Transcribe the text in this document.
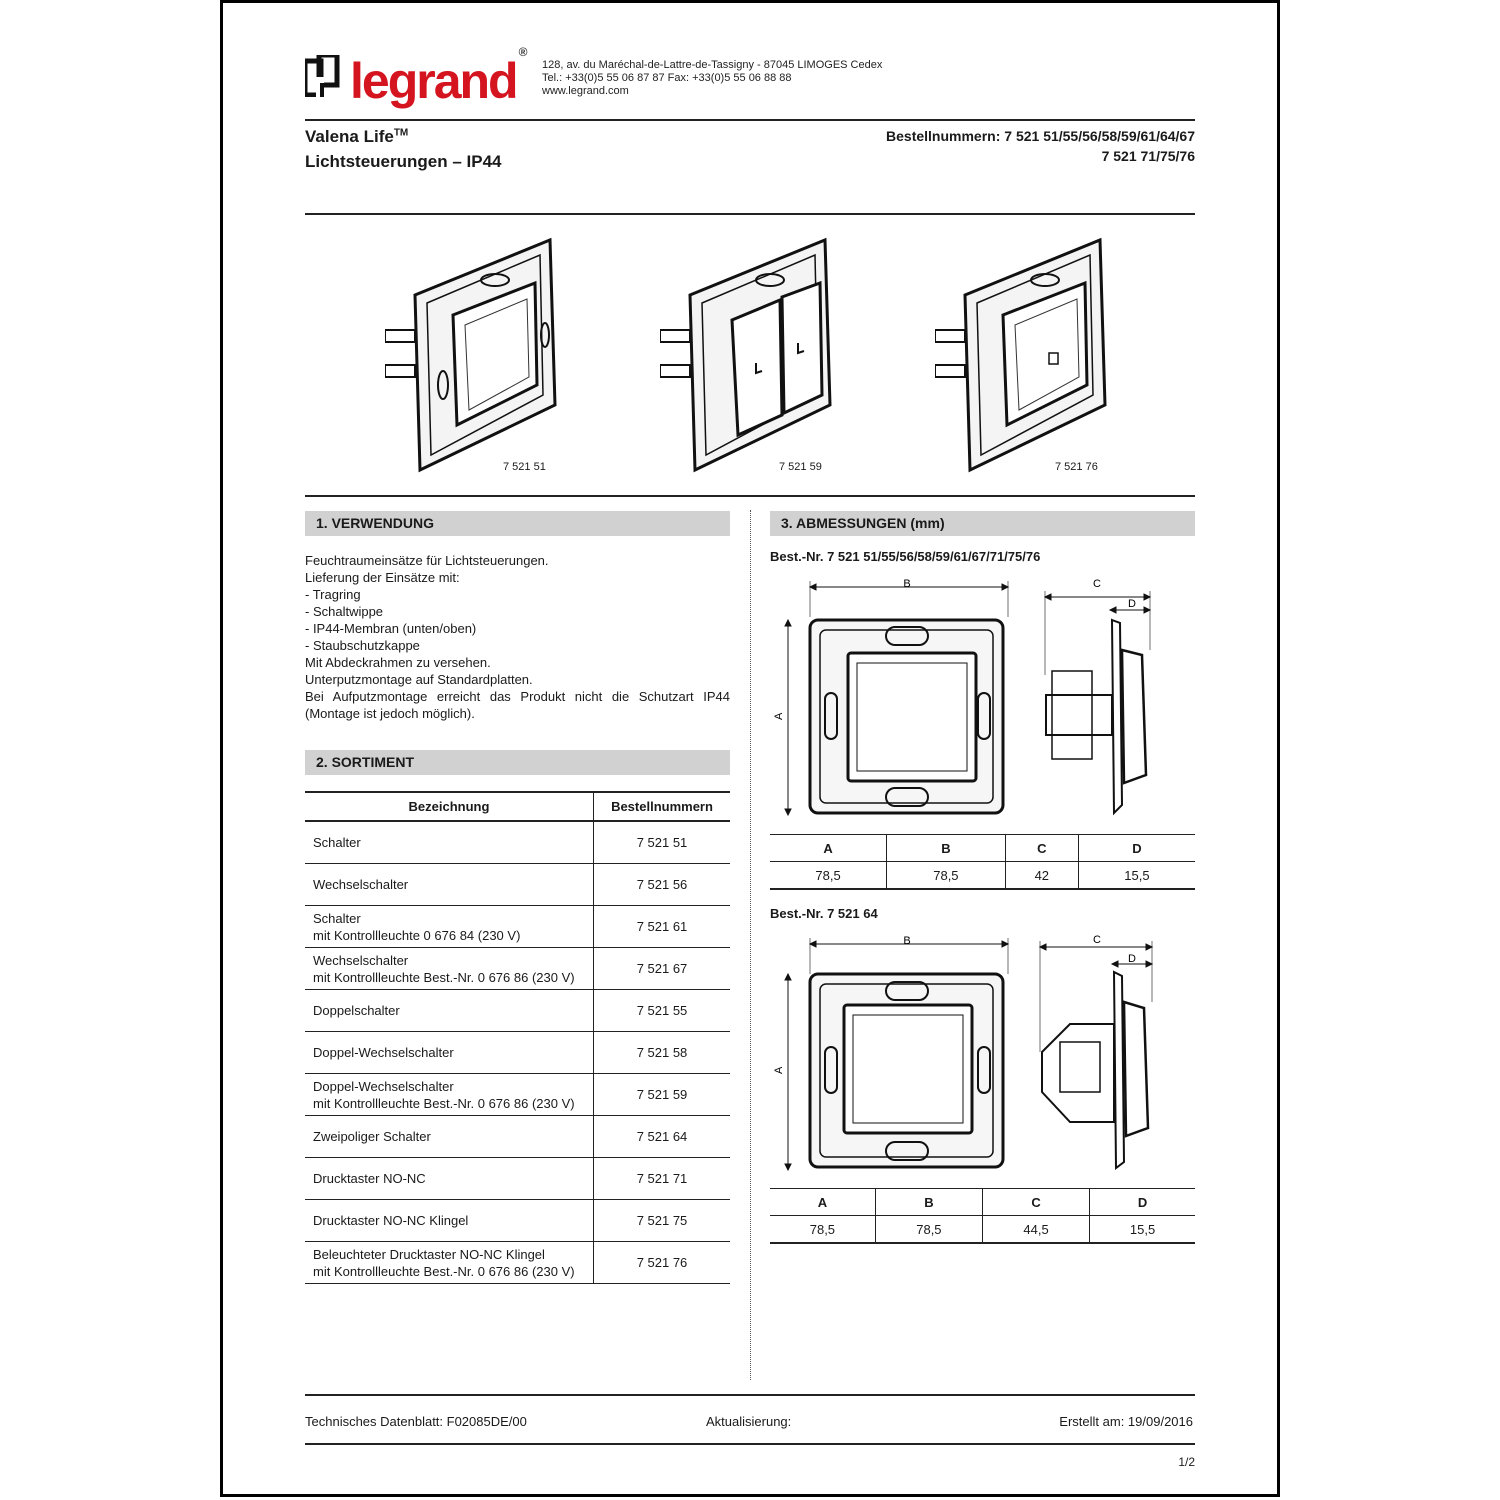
legrand®
128, av. du Maréchal-de-Lattre-de-Tassigny - 87045 LIMOGES Cedex
Tel.: +33(0)5 55 06 87 87 Fax: +33(0)5 55 06 88 88
www.legrand.com
Valena Life™
Lichtsteuerungen – IP44
Bestellnummern: 7 521 51/55/56/58/59/61/64/67
7 521 71/75/76
7 521 51	7 521 59	7 521 76
1. VERWENDUNG
Feuchtraumeinsätze für Lichtsteuerungen.
Lieferung der Einsätze mit:
- Tragring
- Schaltwippe
- IP44-Membran (unten/oben)
- Staubschutzkappe
Mit Abdeckrahmen zu versehen.
Unterputzmontage auf Standardplatten.
Bei Aufputzmontage erreicht das Produkt nicht die Schutzart IP44 (Montage ist jedoch möglich).
2. SORTIMENT
Bezeichnung	Bestellnummern

Schalter	7 521 51

Wechselschalter	7 521 56

Schalter
mit Kontrollleuchte 0 676 84 (230 V)	7 521 61

Wechselschalter
mit Kontrollleuchte Best.-Nr. 0 676 86 (230 V)	7 521 67

Doppelschalter	7 521 55

Doppel-Wechselschalter	7 521 58

Doppel-Wechselschalter
mit Kontrollleuchte Best.-Nr. 0 676 86 (230 V)	7 521 59

Zweipoliger Schalter	7 521 64

Drucktaster NO-NC	7 521 71

Drucktaster NO-NC Klingel	7 521 75

Beleuchteter Drucktaster NO-NC Klingel
mit Kontrollleuchte Best.-Nr. 0 676 86 (230 V)	7 521 76
3. ABMESSUNGEN (mm)
Best.-Nr. 7 521 51/55/56/58/59/61/67/71/75/76
B
A
C
D
A	B	C	D
78,5	78,5	42	15,5
Best.-Nr. 7 521 64
B
A
C
D
A	B	C	D
78,5	78,5	44,5	15,5
Technisches Datenblatt: F02085DE/00	Aktualisierung:	Erstellt am: 19/09/2016
1/2
